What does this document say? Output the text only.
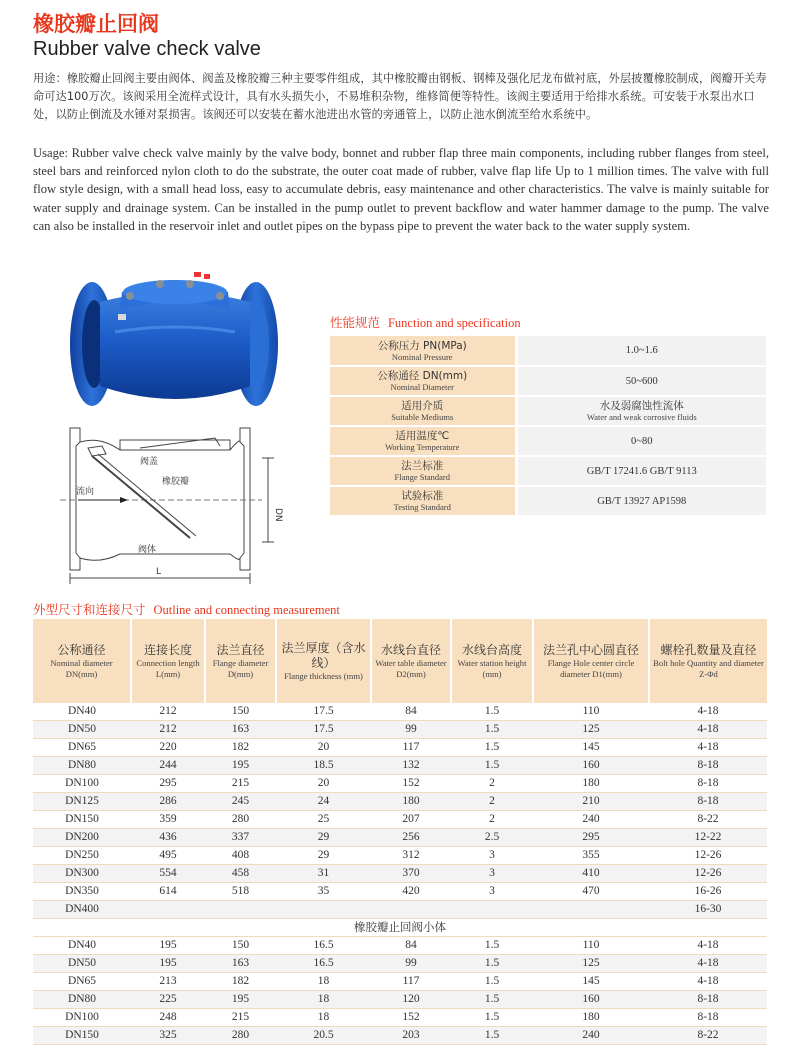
橡胶瓣止回阀
Rubber valve check valve

用途：橡胶瓣止回阀主要由阀体、阀盖及橡胶瓣三种主要零件组成，其中橡胶瓣由钢板、钢棒及强化尼龙布做衬底，外层披覆橡胶制成，阀瓣开关寿命可达100万次。该阀采用全流样式设计，具有水头损失小，不易堆积杂物，维修简便等特性。该阀主要适用于给排水系统。可安装于水泵出水口处，以防止倒流及水锤对泵损害。该阀还可以安装在蓄水池进出水管的旁通管上，以防止池水倒流至给水系统中。

Usage: Rubber valve check valve mainly by the valve body, bonnet and rubber flap three main components, including rubber flanges from steel, steel bars and reinforced nylon cloth to do the substrate, the outer coat made of rubber, valve flap life Up to 1 million times. The valve with full flow style design, with a small head loss, easy to accumulate debris, easy maintenance and other characteristics. The valve is mainly suitable for water supply and drainage system. Can be installed in the pump outlet to prevent backflow and water hammer damage to the pump. The valve can also be installed in the reservoir inlet and outlet pipes on the bypass pipe to prevent the water back to the water supply system.

阀盖
橡胶瓣
流向
阀体
DN
L
性能规范 Function and specification
公称压力 PN(MPa)
Nominal Pressure	1.0~1.6

公称通径 DN(mm)
Nominal Diameter	50~600

适用介质
Suitable Mediums	水及弱腐蚀性流体
Water and weak corrosive fluids

适用温度℃
Working Temperature	0~80

法兰标准
Flange Standard	GB/T 17241.6 GB/T 9113

试验标准
Testing Standard	GB/T 13927 AP1598
外型尺寸和连接尺寸 Outline and connecting measurement
公称通径
Nominal diameter DN(mm)	连接长度
Connection length L(mm)	法兰直径
Flange diameter D(mm)	法兰厚度（含水线）
Flange thickness (mm)	水线台直径
Water table diameter D2(mm)	水线台高度
Water station height (mm)	法兰孔中心圆直径
Flange Hole center circle diameter D1(mm)	螺栓孔数量及直径
Bolt hole Quantity and diameter Z-Φd

DN40	212	150	17.5	84	1.5	110	4-18
DN50	212	163	17.5	99	1.5	125	4-18
DN65	220	182	20	117	1.5	145	4-18
DN80	244	195	18.5	132	1.5	160	8-18
DN100	295	215	20	152	2	180	8-18
DN125	286	245	24	180	2	210	8-18
DN150	359	280	25	207	2	240	8-22
DN200	436	337	29	256	2.5	295	12-22
DN250	495	408	29	312	3	355	12-26
DN300	554	458	31	370	3	410	12-26
DN350	614	518	35	420	3	470	16-26
DN400							16-30
橡胶瓣止回阀小体							
DN40	195	150	16.5	84	1.5	110	4-18
DN50	195	163	16.5	99	1.5	125	4-18
DN65	213	182	18	117	1.5	145	4-18
DN80	225	195	18	120	1.5	160	8-18
DN100	248	215	18	152	1.5	180	8-18
DN150	325	280	20.5	203	1.5	240	8-22
